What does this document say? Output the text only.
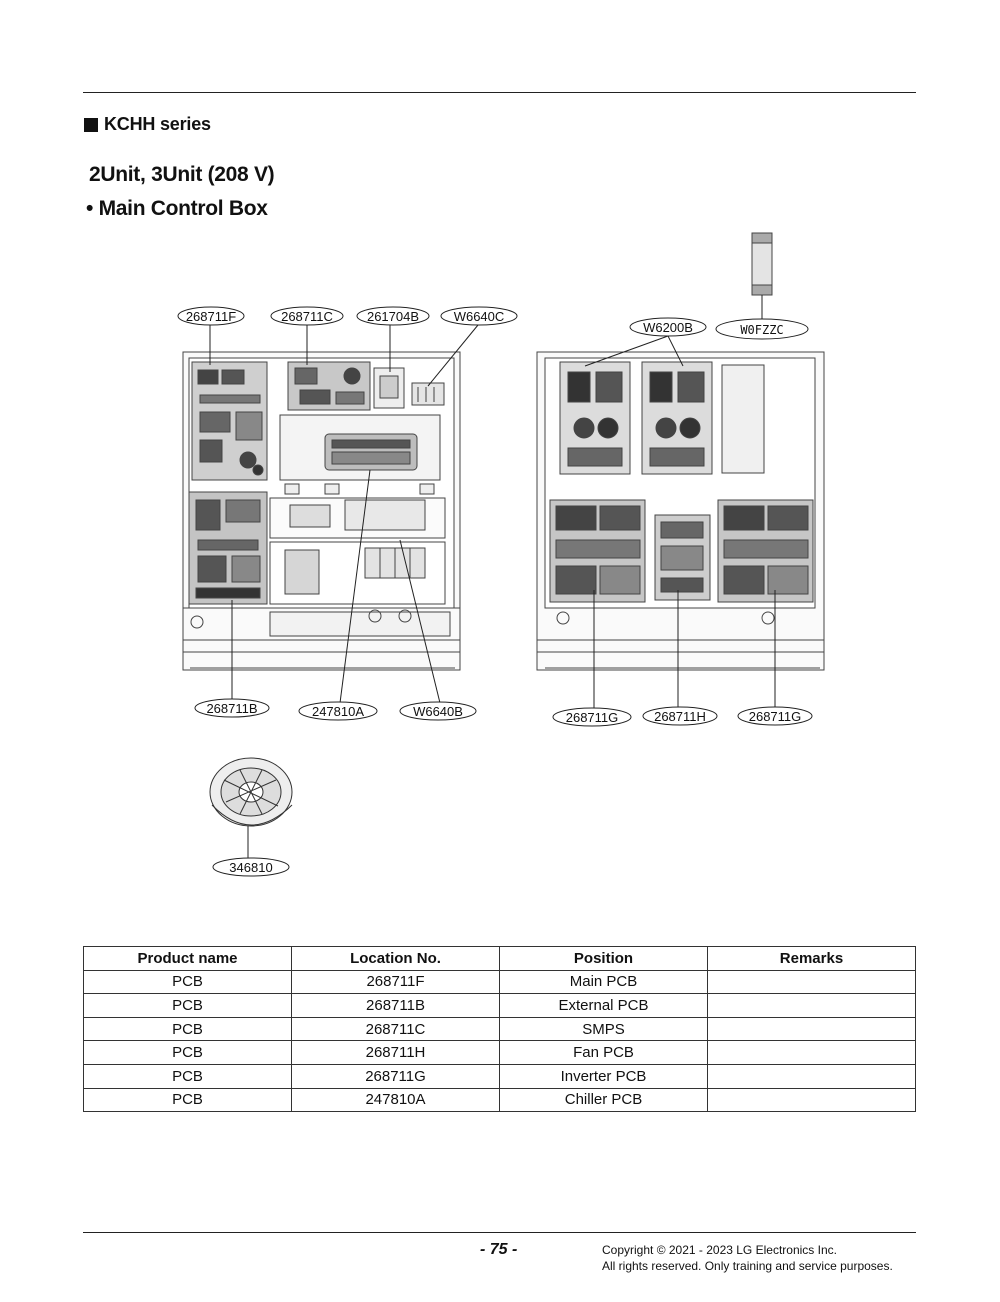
KCHH series
2Unit, 3Unit (208 V)
• Main Control Box
268711F	268711C	261704B	W6640C
W6200B	W0FZZC
268711B	247810A	W6640B	268711G	268711H	268711G
346810
Product name	Location No.	Position	Remarks
PCB	268711F	Main PCB	
PCB	268711B	External PCB	
PCB	268711C	SMPS	
PCB	268711H	Fan PCB	
PCB	268711G	Inverter PCB	
PCB	247810A	Chiller PCB	
- 75 -	Copyright © 2021 - 2023 LG Electronics Inc.
All rights reserved. Only training and service purposes.
